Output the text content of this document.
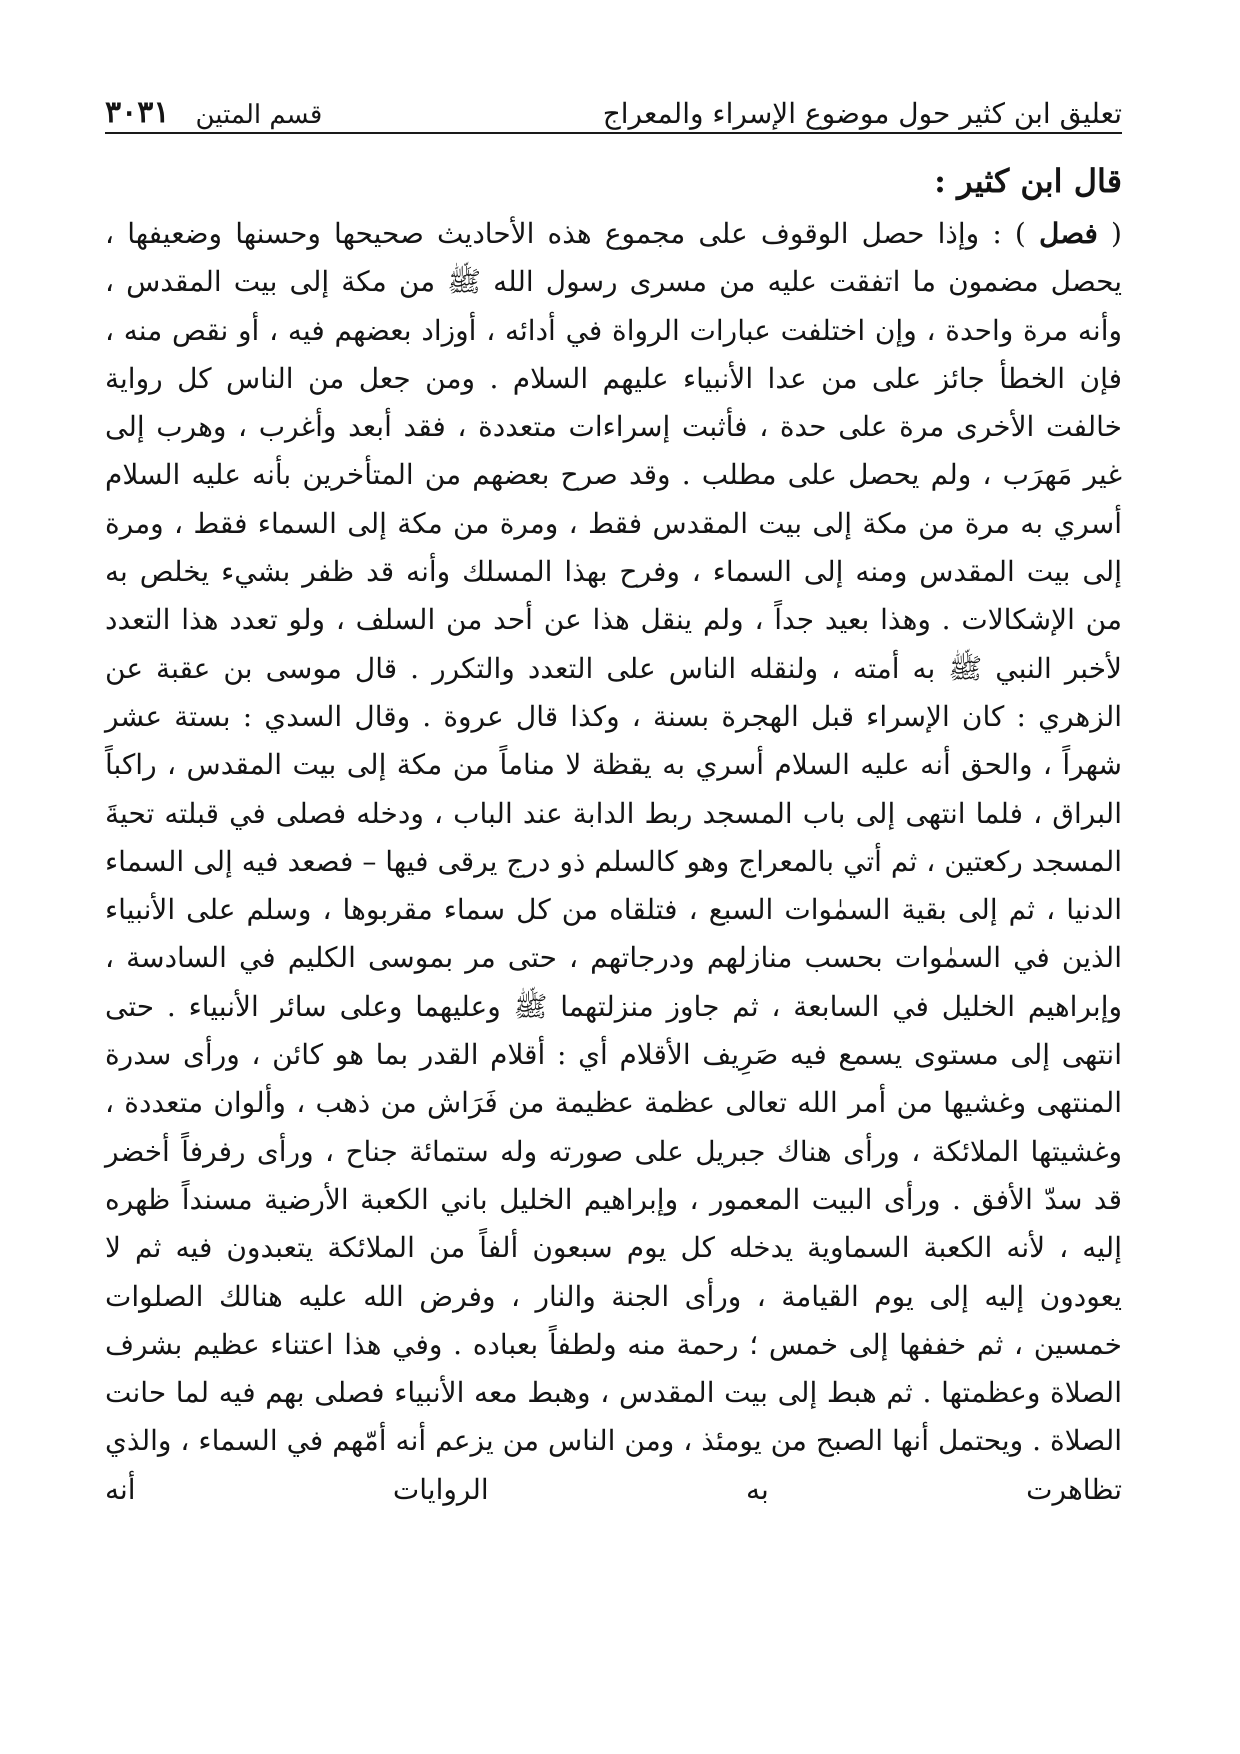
تعليق ابن كثير حول موضوع الإسراء والمعراج
قسم المتين
٣٠٣١
قال ابن كثير :
( فصل ) : وإذا حصل الوقوف على مجموع هذه الأحاديث صحيحها وحسنها وضعيفها ، يحصل مضمون ما اتفقت عليه من مسرى رسول الله ﷺ من مكة إلى بيت المقدس ، وأنه مرة واحدة ، وإن اختلفت عبارات الرواة في أدائه ، أوزاد بعضهم فيه ، أو نقص منه ، فإن الخطأ جائز على من عدا الأنبياء عليهم السلام . ومن جعل من الناس كل رواية خالفت الأخرى مرة على حدة ، فأثبت إسراءات متعددة ، فقد أبعد وأغرب ، وهرب إلى غير مَهرَب ، ولم يحصل على مطلب . وقد صرح بعضهم من المتأخرين بأنه عليه السلام أسري به مرة من مكة إلى بيت المقدس فقط ، ومرة من مكة إلى السماء فقط ، ومرة إلى بيت المقدس ومنه إلى السماء ، وفرح بهذا المسلك وأنه قد ظفر بشيء يخلص به من الإشكالات . وهذا بعيد جداً ، ولم ينقل هذا عن أحد من السلف ، ولو تعدد هذا التعدد لأخبر النبي ﷺ به أمته ، ولنقله الناس على التعدد والتكرر . قال موسى بن عقبة عن الزهري : كان الإسراء قبل الهجرة بسنة ، وكذا قال عروة . وقال السدي : بستة عشر شهراً ، والحق أنه عليه السلام أسري به يقظة لا مناماً من مكة إلى بيت المقدس ، راكباً البراق ، فلما انتهى إلى باب المسجد ربط الدابة عند الباب ، ودخله فصلى في قبلته تحيةَ المسجد ركعتين ، ثم أتي بالمعراج وهو كالسلم ذو درج يرقى فيها – فصعد فيه إلى السماء الدنيا ، ثم إلى بقية السمٰوات السبع ، فتلقاه من كل سماء مقربوها ، وسلم على الأنبياء الذين في السمٰوات بحسب منازلهم ودرجاتهم ، حتى مر بموسى الكليم في السادسة ، وإبراهيم الخليل في السابعة ، ثم جاوز منزلتهما ﷺ وعليهما وعلى سائر الأنبياء . حتى انتهى إلى مستوى يسمع فيه صَرِيف الأقلام أي : أقلام القدر بما هو كائن ، ورأى سدرة المنتهى وغشيها من أمر الله تعالى عظمة عظيمة من فَرَاش من ذهب ، وألوان متعددة ، وغشيتها الملائكة ، ورأى هناك جبريل على صورته وله ستمائة جناح ، ورأى رفرفاً أخضر قد سدّ الأفق . ورأى البيت المعمور ، وإبراهيم الخليل باني الكعبة الأرضية مسنداً ظهره إليه ، لأنه الكعبة السماوية يدخله كل يوم سبعون ألفاً من الملائكة يتعبدون فيه ثم لا يعودون إليه إلى يوم القيامة ، ورأى الجنة والنار ، وفرض الله عليه هنالك الصلوات خمسين ، ثم خففها إلى خمس ؛ رحمة منه ولطفاً بعباده . وفي هذا اعتناء عظيم بشرف الصلاة وعظمتها . ثم هبط إلى بيت المقدس ، وهبط معه الأنبياء فصلى بهم فيه لما حانت الصلاة . ويحتمل أنها الصبح من يومئذ ، ومن الناس من يزعم أنه أمّهم في السماء ، والذي تظاهرت به الروايات أنه
